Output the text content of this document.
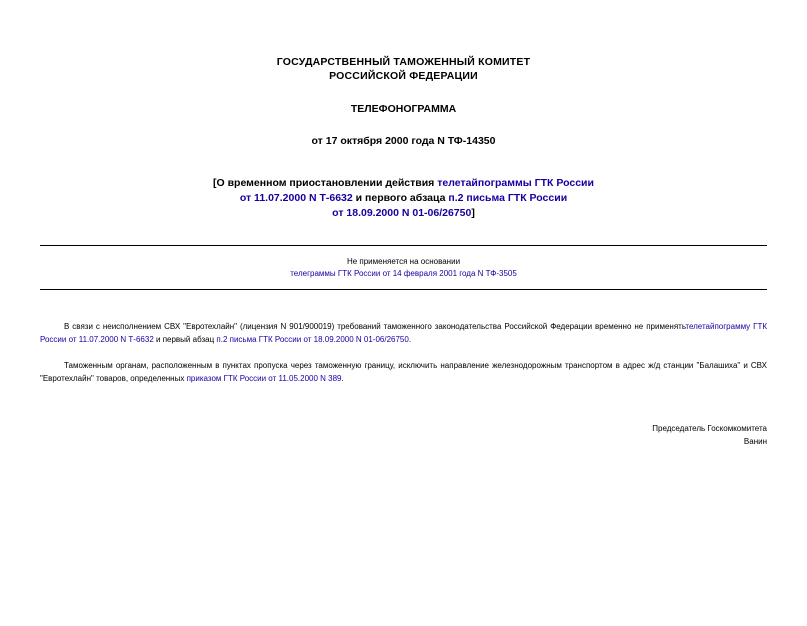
ГОСУДАРСТВЕННЫЙ ТАМОЖЕННЫЙ КОМИТЕТ
РОССИЙСКОЙ ФЕДЕРАЦИИ
ТЕЛЕФОНОГРАММА
от 17 октября 2000 года N ТФ-14350
[О временном приостановлении действия телетайпограммы ГТК России
от 11.07.2000 N Т-6632 и первого абзаца п.2 письма ГТК России
от 18.09.2000 N 01-06/26750]
Не применяется на основании
телеграммы ГТК России от 14 февраля 2001 года N ТФ-3505

В связи с неисполнением СВХ "Евротехлайн" (лицензия N 901/900019) требований таможенного законодательства Российской Федерации временно не применятьтелетайпограмму ГТК России от 11.07.2000 N Т-6632 и первый абзац п.2 письма ГТК России от 18.09.2000 N 01-06/26750.

Таможенным органам, расположенным в пунктах пропуска через таможенную границу, исключить направление железнодорожным транспортом в адрес ж/д станции "Балашиха" и СВХ "Евротехлайн" товаров, определенных приказом ГТК России от 11.05.2000 N 389.

Председатель Госкомкомитета
Ванин
